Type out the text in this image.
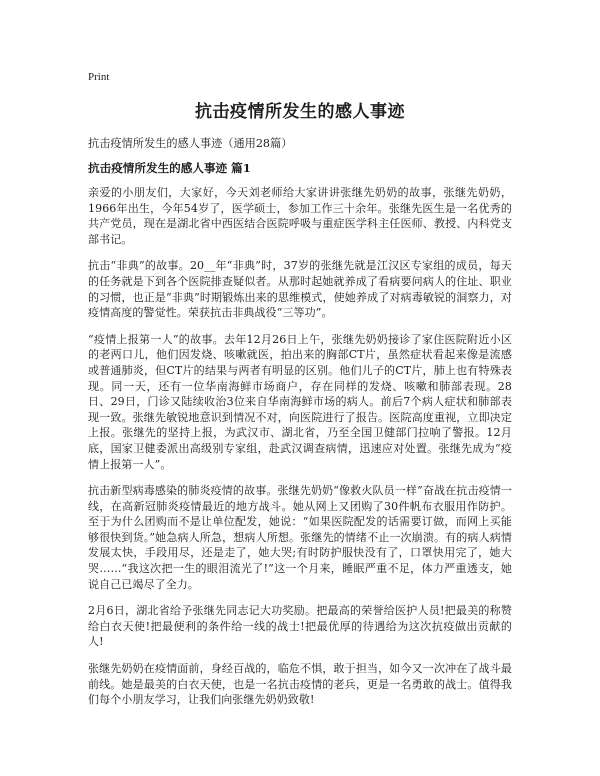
Print
抗击疫情所发生的感人事迹
抗击疫情所发生的感人事迹（通用28篇）
抗击疫情所发生的感人事迹 篇1

亲爱的小朋友们，大家好，今天刘老师给大家讲讲张继先奶奶的故事，张继先奶奶，1966年出生，今年54岁了，医学硕士，参加工作三十余年。张继先医生是一名优秀的共产党员，现在是湖北省中西医结合医院呼吸与重症医学科主任医师、教授、内科党支部书记。

抗击“非典”的故事。20__年“非典”时，37岁的张继先就是江汉区专家组的成员，每天的任务就是下到各个医院排查疑似者。从那时起她就养成了看病要问病人的住址、职业的习惯，也正是“非典”时期锻炼出来的思维模式，使她养成了对病毒敏锐的洞察力，对疫情高度的警觉性。荣获抗击非典战役“三等功”。

“疫情上报第一人”的故事。去年12月26日上午，张继先奶奶接诊了家住医院附近小区的老两口儿，他们因发烧、咳嗽就医，拍出来的胸部CT片，虽然症状看起来像是流感或普通肺炎，但CT片的结果与两者有明显的区别。他们儿子的CT片，肺上也有特殊表现。同一天，还有一位华南海鲜市场商户，存在同样的发烧、咳嗽和肺部表现。28日、29日，门诊又陆续收治3位来自华南海鲜市场的病人。前后7个病人症状和肺部表现一致。张继先敏锐地意识到情况不对，向医院进行了报告。医院高度重视，立即决定上报。张继先的坚持上报，为武汉市、湖北省，乃至全国卫健部门拉响了警报。12月底，国家卫健委派出高级别专家组，赴武汉调查病情，迅速应对处置。张继先成为“疫情上报第一人”。

抗击新型病毒感染的肺炎疫情的故事。张继先奶奶“像救火队员一样”奋战在抗击疫情一线，在高新冠肺炎疫情最近的地方战斗。她从网上又团购了30件帆布衣服用作防护。至于为什么团购而不是让单位配发，她说：“如果医院配发的话需要订做，而网上买能够很快到货。”她急病人所急，想病人所想。张继先的情绪不止一次崩溃。有的病人病情发展太快，手段用尽，还是走了，她大哭;有时防护服快没有了，口罩快用完了，她大哭……“我这次把一生的眼泪流光了!”这一个月来，睡眠严重不足，体力严重透支，她说自己已竭尽了全力。

2月6日，湖北省给予张继先同志记大功奖励。把最高的荣誉给医护人员!把最美的称赞给白衣天使!把最便利的条件给一线的战士!把最优厚的待遇给为这次抗疫做出贡献的人!

张继先奶奶在疫情面前，身经百战的，临危不惧，敢于担当，如今又一次冲在了战斗最前线。她是最美的白衣天使，也是一名抗击疫情的老兵，更是一名勇敢的战士。值得我们每个小朋友学习，让我们向张继先奶奶致敬!
